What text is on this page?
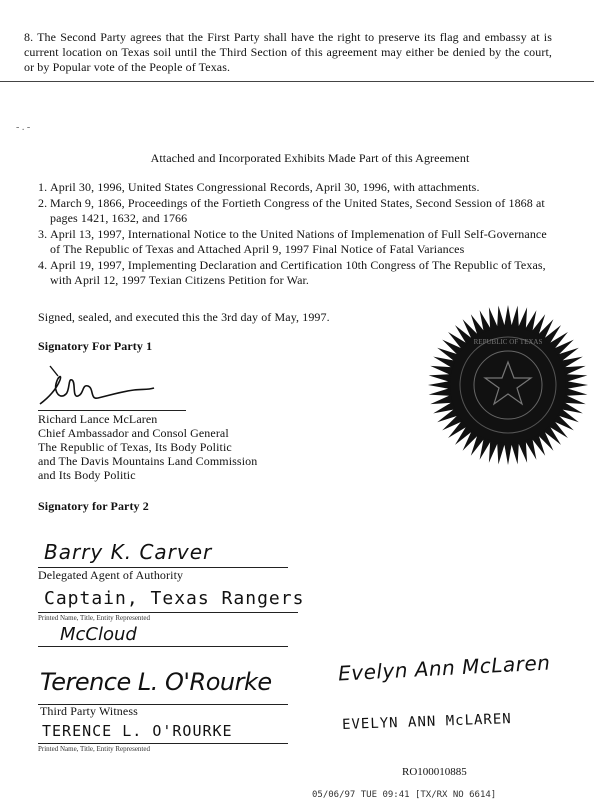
8. The Second Party agrees that the First Party shall have the right to preserve its flag and embassy at is current location on Texas soil until the Third Section of this agreement may either be denied by the court, or by Popular vote of the People of Texas.
- . -
Attached and Incorporated Exhibits Made Part of this Agreement
1. April 30, 1996, United States Congressional Records, April 30, 1996, with attachments.
2. March 9, 1866, Proceedings of the Fortieth Congress of the United States, Second Session of 1868 at pages 1421, 1632, and 1766
3. April 13, 1997, International Notice to the United Nations of Implemenation of Full Self-Governance of The Republic of Texas and Attached April 9, 1997 Final Notice of Fatal Variances
4. April 19, 1997, Implementing Declaration and Certification 10th Congress of The Republic of Texas, with April 12, 1997 Texian Citizens Petition for War.
Signed, sealed, and executed this the 3rd day of May, 1997.
Signatory For Party 1
Richard Lance McLaren
Chief Ambassador and Consol General
The Republic of Texas, Its Body Politic
and The Davis Mountains Land Commission
and Its Body Politic
REPUBLIC OF TEXAS
Signatory for Party 2
Barry K. Carver
Delegated Agent of Authority
Captain, Texas Rangers
Printed Name, Title, Entity Represented
McCloud
Terence L. O'Rourke
Third Party Witness
TERENCE L. O'ROURKE
Printed Name, Title, Entity Represented
Evelyn Ann McLaren
EVELYN ANN McLAREN
RO100010885
05/06/97 TUE 09:41 [TX/RX NO 6614]
